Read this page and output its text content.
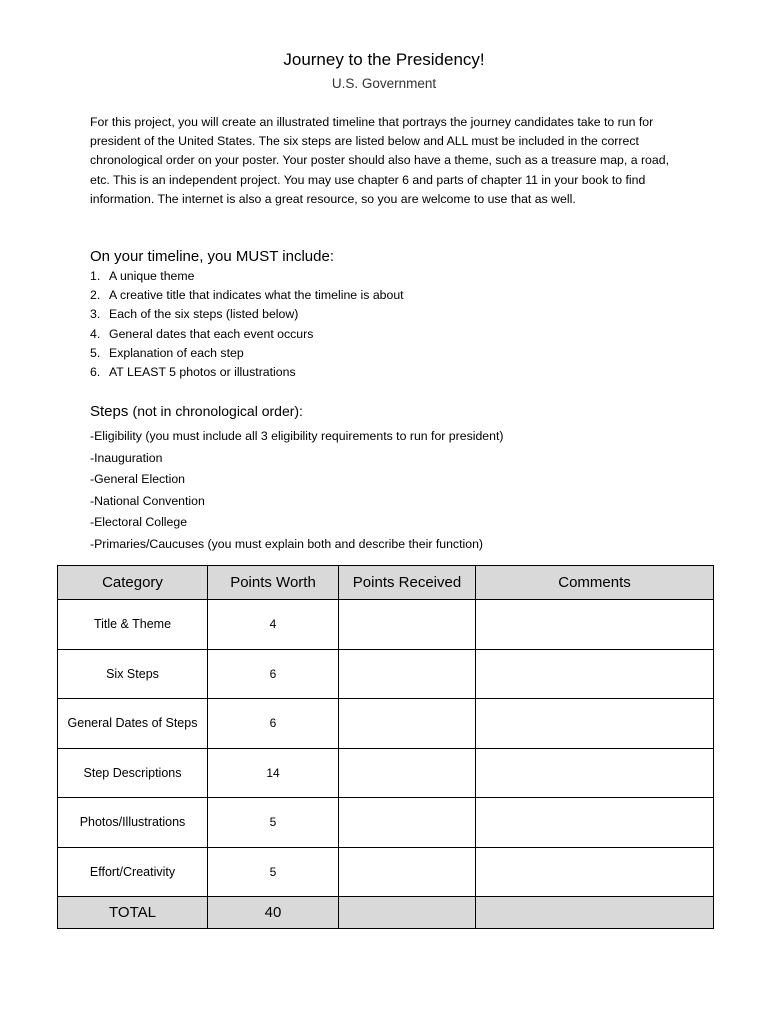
Journey to the Presidency!
U.S. Government

For this project, you will create an illustrated timeline that portrays the journey candidates take to run for president of the United States. The six steps are listed below and ALL must be included in the correct chronological order on your poster. Your poster should also have a theme, such as a treasure map, a road, etc. This is an independent project. You may use chapter 6 and parts of chapter 11 in your book to find information. The internet is also a great resource, so you are welcome to use that as well.

On your timeline, you MUST include:
1. A unique theme
2. A creative title that indicates what the timeline is about
3. Each of the six steps (listed below)
4. General dates that each event occurs
5. Explanation of each step
6. AT LEAST 5 photos or illustrations
Steps (not in chronological order):
-Eligibility (you must include all 3 eligibility requirements to run for president)
-Inauguration
-General Election
-National Convention
-Electoral College
-Primaries/Caucuses (you must explain both and describe their function)
Category	Points Worth	Points Received	Comments
Title & Theme	4		
Six Steps	6		
General Dates of Steps	6		
Step Descriptions	14		
Photos/Illustrations	5		
Effort/Creativity	5		
TOTAL	40		
